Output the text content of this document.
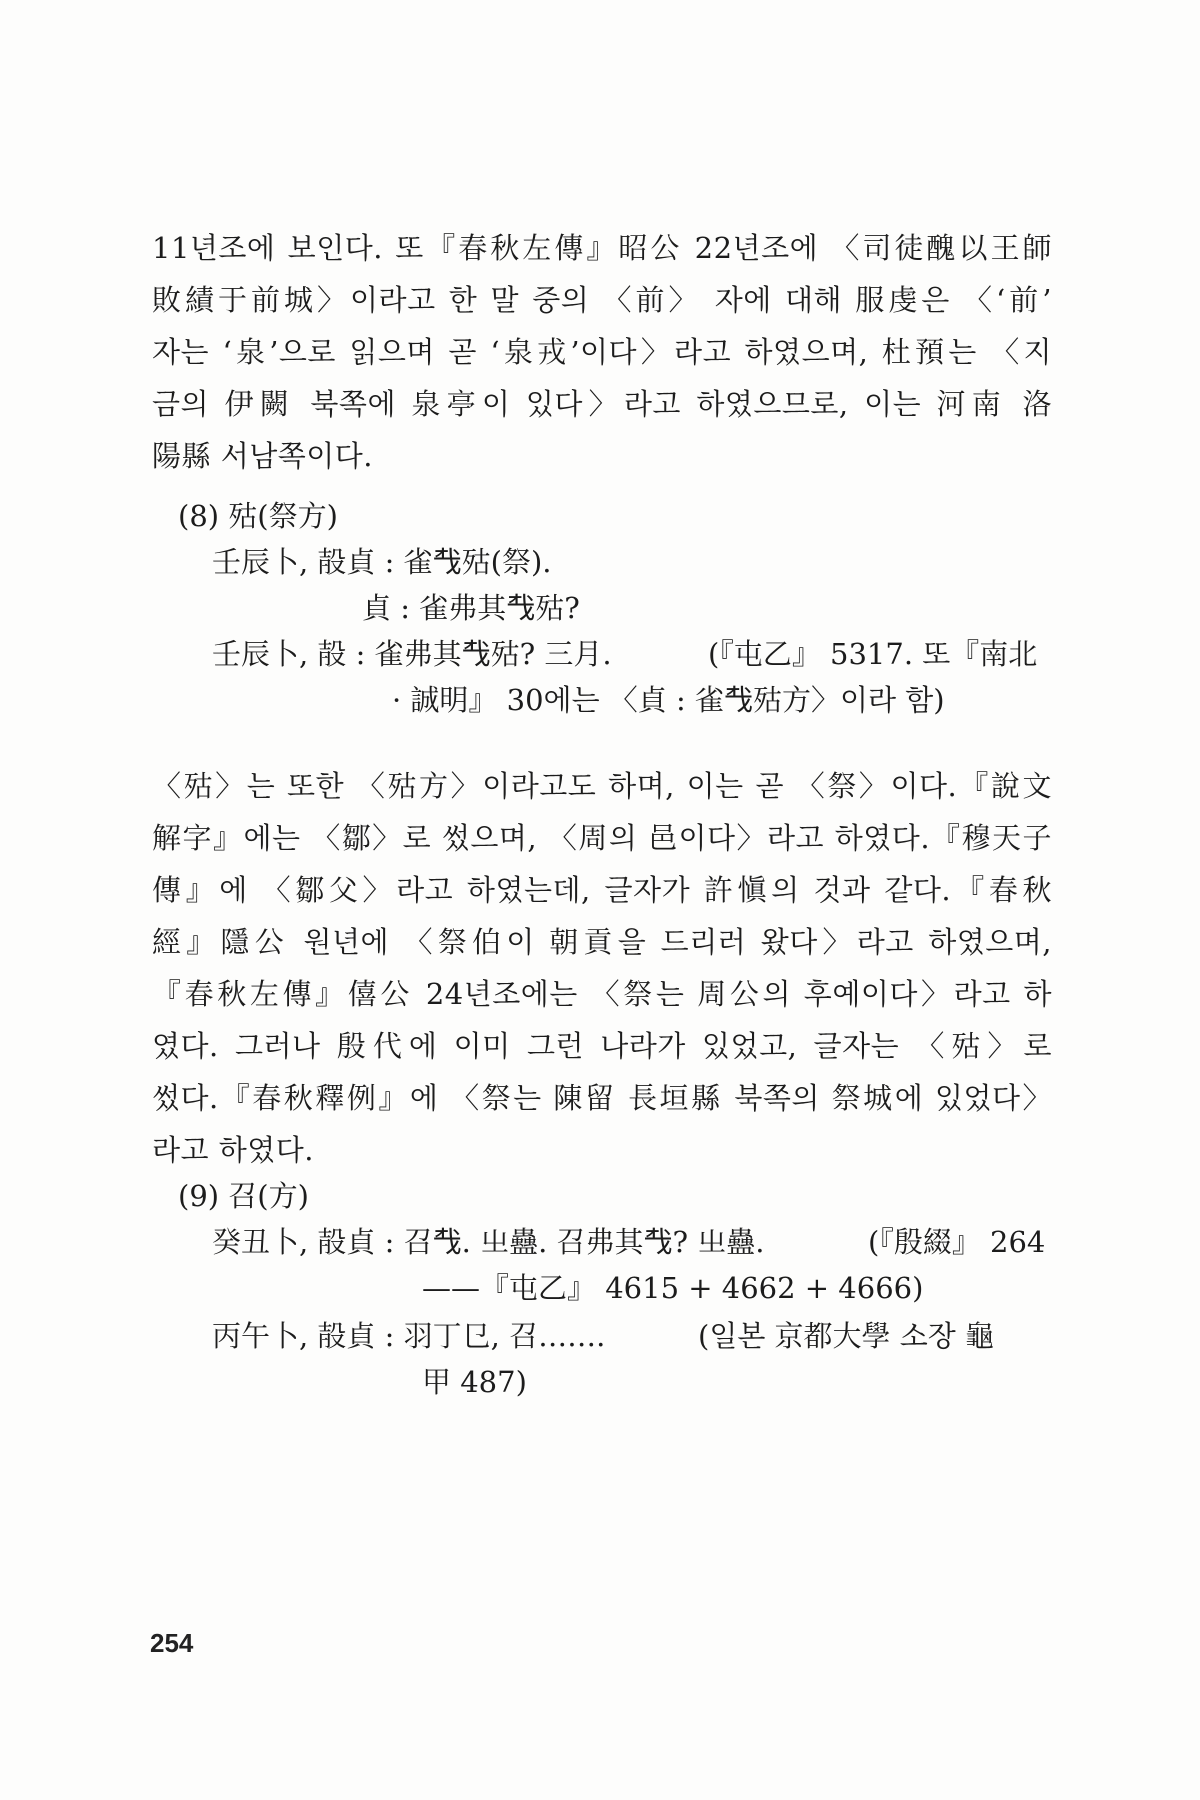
11년조에 보인다. 또『春秋左傳』昭公 22년조에 〈司徒醜以王師
敗績于前城〉이라고 한 말 중의 〈前〉 자에 대해 服虔은 〈‘前’
자는 ‘泉’으로 읽으며 곧 ‘泉戎’이다〉라고 하였으며, 杜預는 〈지
금의 伊闕 북쪽에 泉亭이 있다〉라고 하였으므로, 이는 河南 洛
陽縣 서남쪽이다.

(8) 㱠(祭方)

壬辰卜, 㱿貞 : 雀𢦔㱠(祭).

貞 : 雀弗其𢦔㱠?

壬辰卜, 㱿 : 雀弗其𢦔㱠? 三月.	(『屯乙』 5317. 또『南北

· 誠明』 30에는 〈貞 : 雀𢦔㱠方〉이라 함)

〈㱠〉는 또한 〈㱠方〉이라고도 하며, 이는 곧 〈祭〉이다.『說文
解字』에는 〈鄒〉로 썼으며, 〈周의 邑이다〉라고 하였다.『穆天子
傳』에 〈鄒父〉라고 하였는데, 글자가 許愼의 것과 같다.『春秋
經』隱公 원년에 〈祭伯이 朝貢을 드리러 왔다〉라고 하였으며,
『春秋左傳』僖公 24년조에는 〈祭는 周公의 후예이다〉라고 하
였다. 그러나 殷代에 이미 그런 나라가 있었고, 글자는 〈㱠〉로
썼다.『春秋釋例』에 〈祭는 陳留 長垣縣 북쪽의 祭城에 있었다〉
라고 하였다.

(9) 召(方)

癸丑卜, 㱿貞 : 召𢦔. 㞢蠱. 召弗其𢦔? 㞢蠱.	(『殷綴』 264

——『屯乙』 4615 + 4662 + 4666)

丙午卜, 㱿貞 : 羽丁㔾, 召…….	(일본 京都大學 소장 龜

甲 487)

254
